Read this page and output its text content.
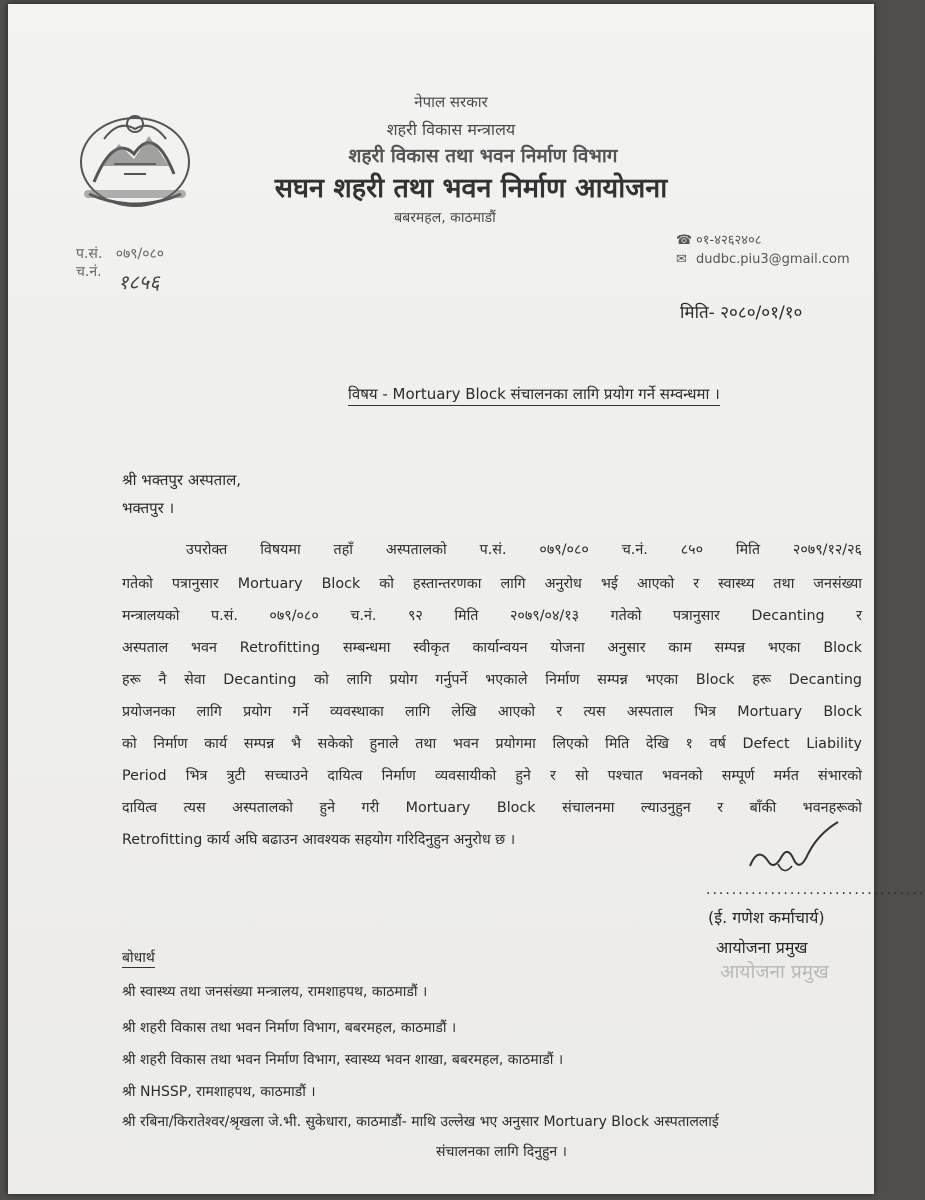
नेपाल सरकार
शहरी विकास मन्त्रालय
शहरी विकास तथा भवन निर्माण विभाग
सघन शहरी तथा भवन निर्माण आयोजना
बबरमहल, काठमाडौं
☎ ०१-४२६२४०८
✉ dudbc.piu3@gmail.com
प.सं. ०७९/०८०
च.नं. १८५६
मिति- २०८०/०१/१०
विषय - Mortuary Block संचालनका लागि प्रयोग गर्ने सम्वन्धमा ।
श्री भक्तपुर अस्पताल,
भक्तपुर ।
उपरोक्त विषयमा तहाँ अस्पतालको प.सं. ०७९/०८० च.नं. ८५० मिति २०७९/१२/२६
गतेको पत्रानुसार Mortuary Block को हस्तान्तरणका लागि अनुरोध भई आएको र स्वास्थ्य तथा जनसंख्या
मन्त्रालयको प.सं. ०७९/०८० च.नं. ९२ मिति २०७९/०४/१३ गतेको पत्रानुसार Decanting र
अस्पताल भवन Retrofitting सम्बन्धमा स्वीकृत कार्यान्वयन योजना अनुसार काम सम्पन्न भएका Block
हरू नै सेवा Decanting को लागि प्रयोग गर्नुपर्ने भएकाले निर्माण सम्पन्न भएका Block हरू Decanting
प्रयोजनका लागि प्रयोग गर्ने व्यवस्थाका लागि लेखि आएको र त्यस अस्पताल भित्र Mortuary Block
को निर्माण कार्य सम्पन्न भै सकेको हुनाले तथा भवन प्रयोगमा लिएको मिति देखि १ वर्ष Defect Liability
Period भित्र त्रुटी सच्चाउने दायित्व निर्माण व्यवसायीको हुने र सो पश्चात भवनको सम्पूर्ण मर्मत संभारको
दायित्व त्यस अस्पतालको हुने गरी Mortuary Block संचालनमा ल्याउनुहुन र बाँकी भवनहरूको
Retrofitting कार्य अघि बढाउन आवश्यक सहयोग गरिदिनुहुन अनुरोध छ ।
..................................
(ई. गणेश कर्माचार्य)
आयोजना प्रमुख
आयोजना प्रमुख
बोधार्थ
श्री स्वास्थ्य तथा जनसंख्या मन्त्रालय, रामशाहपथ, काठमाडौं ।
श्री शहरी विकास तथा भवन निर्माण विभाग, बबरमहल, काठमाडौं ।
श्री शहरी विकास तथा भवन निर्माण विभाग, स्वास्थ्य भवन शाखा, बबरमहल, काठमाडौं ।
श्री NHSSP, रामशाहपथ, काठमाडौं ।
श्री रबिना/किरातेश्वर/श्रृखला जे.भी. सुकेधारा, काठमाडौं- माथि उल्लेख भए अनुसार Mortuary Block अस्पताललाई
संचालनका लागि दिनुहुन ।
